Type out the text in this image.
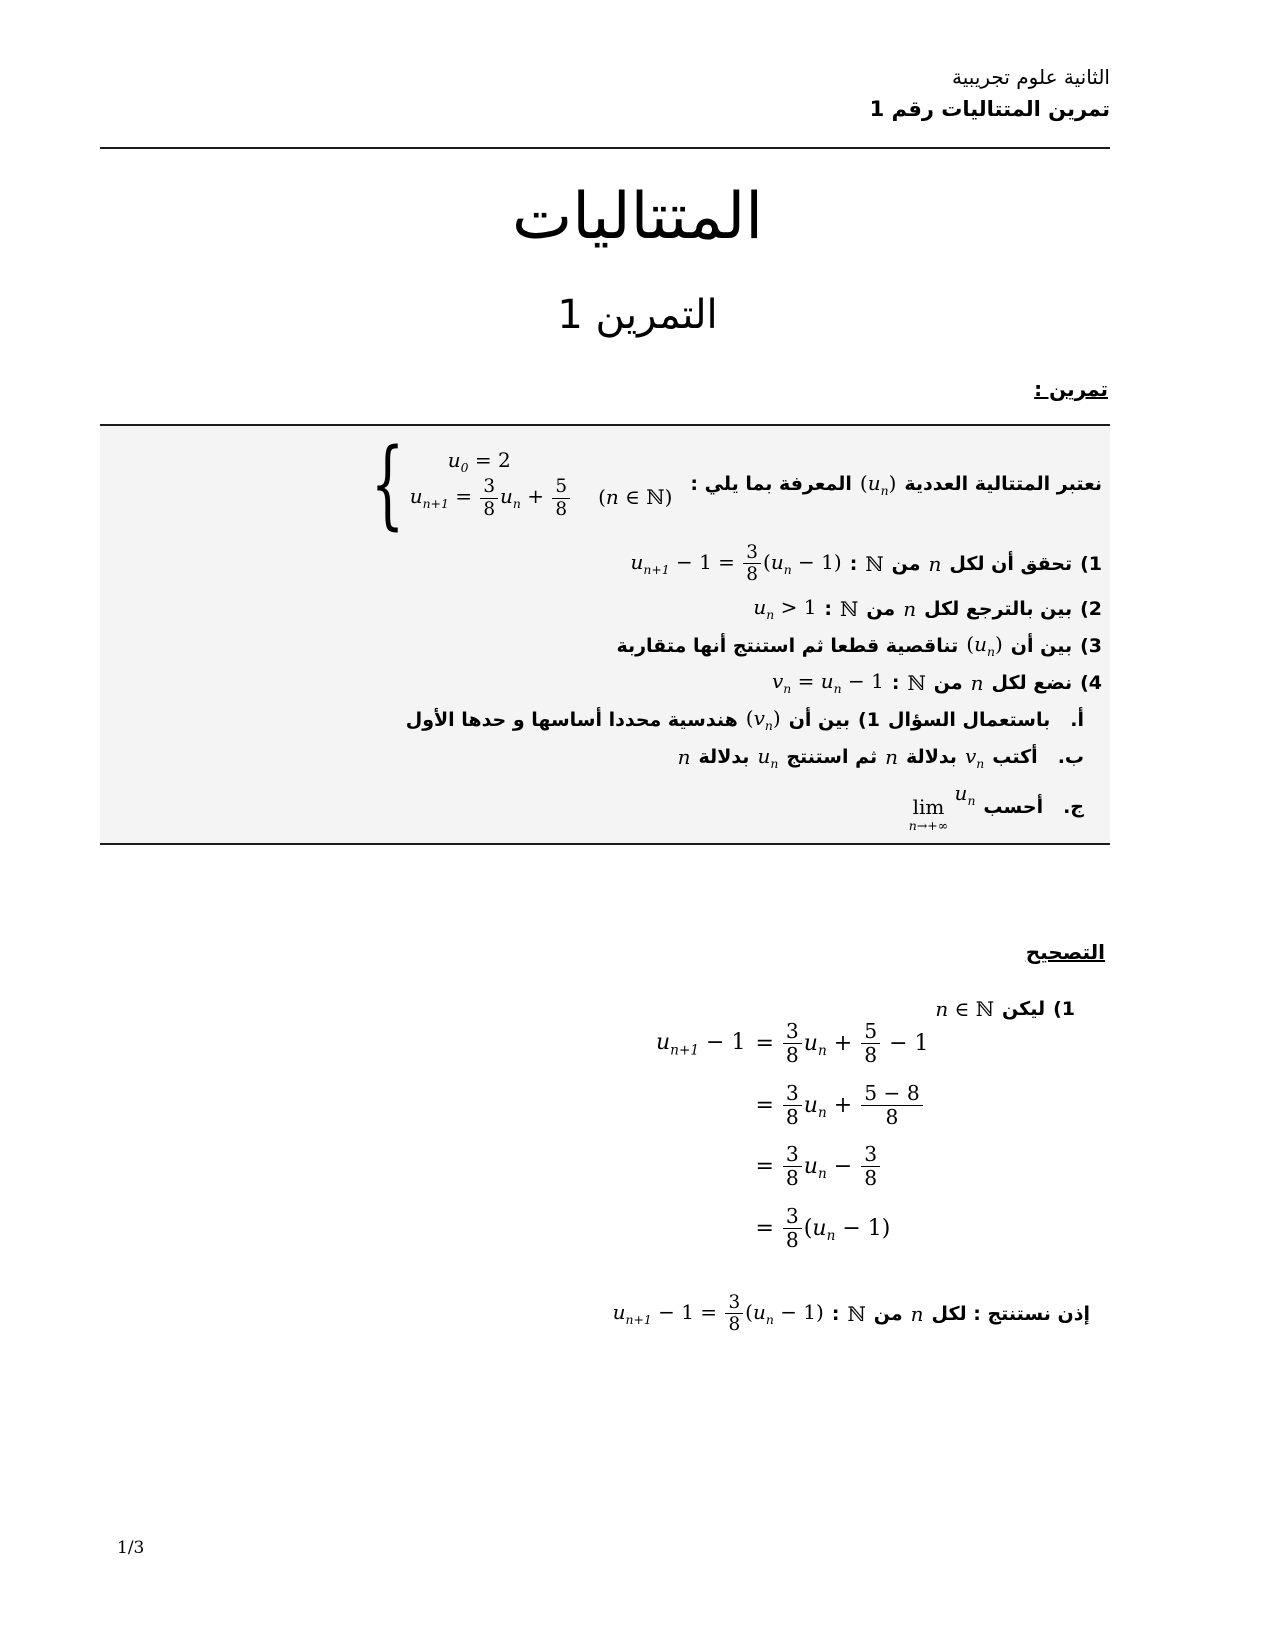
الثانية علوم تجريبية
تمرين المتتاليات رقم 1
المتتاليات
التمرين 1
تمرين :
نعتبر المتتالية العددية
$(u_n)$
المعرفة بما يلي :
{ $u_0 = 2$
$u_{n+1} = \frac{3}{8} u_n + \frac{5}{8} (n$ ∈ ℕ)
(1
تحقق أن لكل
n
من
ℕ
:
$u_{n+1} - 1 = \frac{3}{8} (u_n - 1)$
(2
بين بالترجع لكل
n
من
ℕ
:
$u_n > 1$
(3
بين أن
$(u_n)$
تناقصية قطعا ثم استنتج أنها متقاربة
(4
نضع لكل
n
من
ℕ
:
$v_n = u_n - 1$
أ.
باستعمال السؤال
(1
بين أن
$(v_n)$
هندسية محددا أساسها و حدها الأول
ب.
أكتب
$v_n$
بدلالة
n
ثم استنتج
$u_n$
بدلالة
n
ج.
أحسب
lim
n→+∞
$u_n$
التصحيح
(1
ليكن
n ∈ ℕ
$u_{n+1} - 1 = \frac{3}{8} u_n + \frac{5}{8} - 1$
= $\frac{3}{8} u_n + \frac{5 - 8}{8}$
= $\frac{3}{8} u_n - \frac{3}{8}$
= $\frac{3}{8} (u_n - 1)$
إذن نستنتج : لكل
n
من
ℕ
:
$u_{n+1} - 1 = \frac{3}{8} (u_n - 1)$
1/3
